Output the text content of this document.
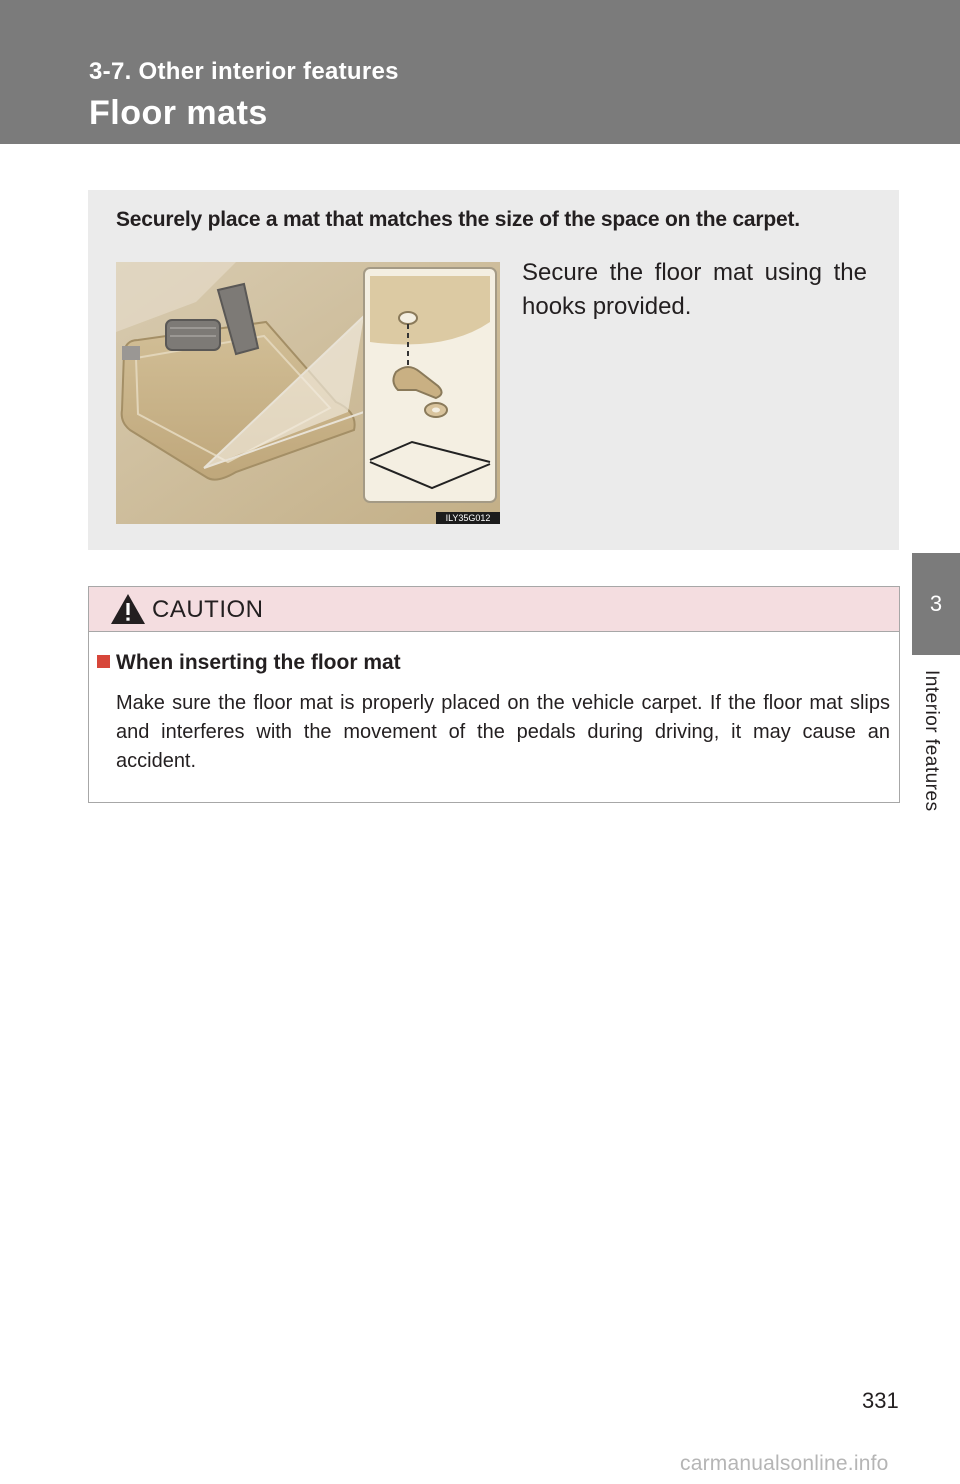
3-7. Other interior features
Floor mats
3
Interior features
Securely place a mat that matches the size of the space on the carpet.
ILY35G012
Secure the floor mat using the hooks provided.
CAUTION
When inserting the floor mat
Make sure the floor mat is properly placed on the vehicle carpet. If the floor mat slips and interferes with the movement of the pedals during driving, it may cause an accident.
331
carmanualsonline.info
